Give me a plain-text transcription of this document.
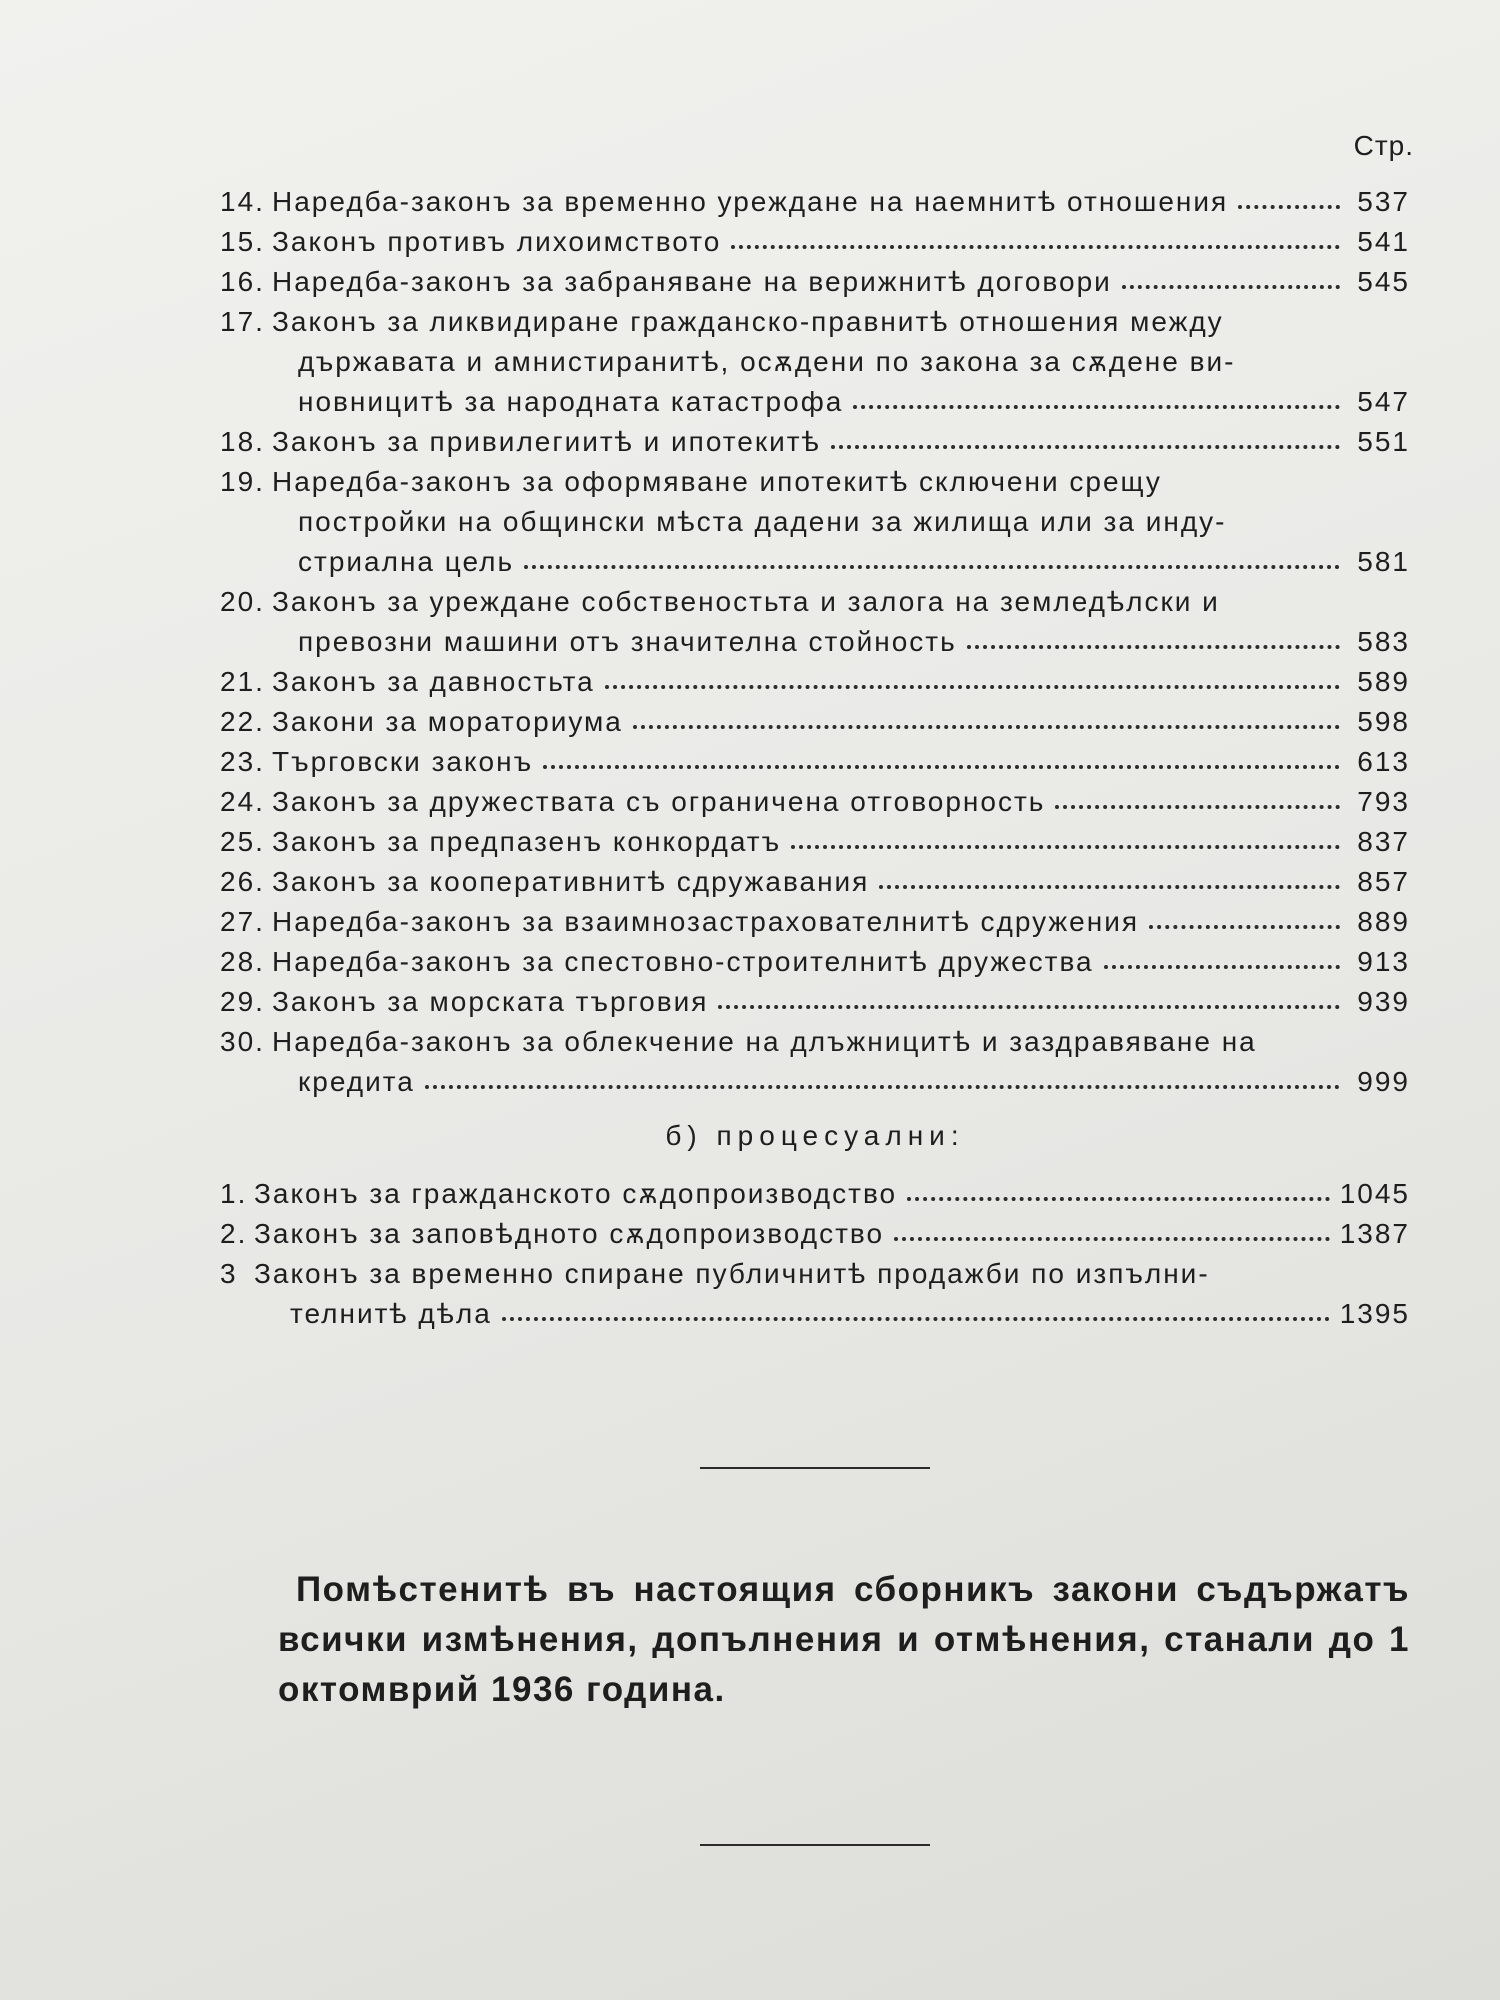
Стр.
14. Наредба-законъ за временно уреждане на наемнитѣ отношения	537
15. Законъ противъ лихоимството	541
16. Наредба-законъ за забраняване на верижнитѣ договори	545
17. Законъ за ликвидиране гражданско-правнитѣ отношения между
държавата и амнистиранитѣ, осѫдени по закона за сѫдене ви-
новницитѣ за народната катастрофа	547
18. Законъ за привилегиитѣ и ипотекитѣ	551
19. Наредба-законъ за оформяване ипотекитѣ сключени срещу
постройки на общински мѣста дадени за жилища или за инду-
стриална цель	581
20. Законъ за уреждане собственостьта и залога на земледѣлски и
превозни машини отъ значителна стойность	583
21. Законъ за давностьта	589
22. Закони за мораториума	598
23. Търговски законъ	613
24. Законъ за дружествата съ ограничена отговорность	793
25. Законъ за предпазенъ конкордатъ	837
26. Законъ за кооперативнитѣ сдружавания	857
27. Наредба-законъ за взаимнозастрахователнитѣ сдружения	889
28. Наредба-законъ за спестовно-строителнитѣ дружества	913
29. Законъ за морската търговия	939
30. Наредба-законъ за облекчение на длъжницитѣ и заздравяване на
кредита	999
б) процесуални:
1. Законъ за гражданското сѫдопроизводство	1045
2. Законъ за заповѣдното сѫдопроизводство	1387
3 Законъ за временно спиране публичнитѣ продажби по изпълни-
телнитѣ дѣла	1395
Помѣстенитѣ въ настоящия сборникъ закони съдържатъ всички измѣнения, допълнения и отмѣнения, станали до 1 октомврий 1936 година.
